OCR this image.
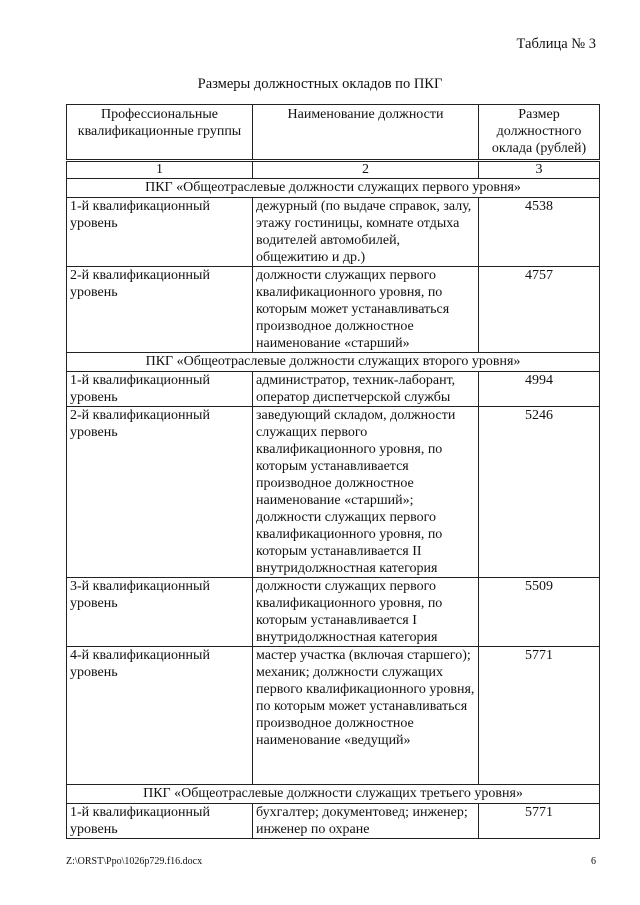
Таблица № 3
Размеры должностных окладов по ПКГ
Профессиональные квалификационные группы	Наименование должности	Размер должностного оклада (рублей)
1	2	3
ПКГ «Общеотраслевые должности служащих первого уровня»		
1-й квалификационный уровень	дежурный (по выдаче справок, залу, этажу гостиницы, комнате отдыха водителей автомобилей, общежитию и др.)	4538
2-й квалификационный уровень	должности служащих первого квалификационного уровня, по которым может устанавливаться производное должностное наименование «старший»	4757
ПКГ «Общеотраслевые должности служащих второго уровня»		
1-й квалификационный уровень	администратор, техник-лаборант, оператор диспетчерской службы	4994
2-й квалификационный уровень	заведующий складом, должности служащих первого квалификационного уровня, по которым устанавливается производное должностное наименование «старший»; должности служащих первого квалификационного уровня, по которым устанавливается II внутридолжностная категория	5246
3-й квалификационный уровень	должности служащих первого квалификационного уровня, по которым устанавливается I внутридолжностная категория	5509
4-й квалификационный уровень	мастер участка (включая старшего); механик; должности служащих первого квалификационного уровня, по которым может устанавливаться производное должностное наименование «ведущий»	5771
ПКГ «Общеотраслевые должности служащих третьего уровня»		
1-й квалификационный уровень	бухгалтер; документовед; инженер; инженер по охране	5771
Z:\ORST\Ppo\1026p729.f16.docx	6
